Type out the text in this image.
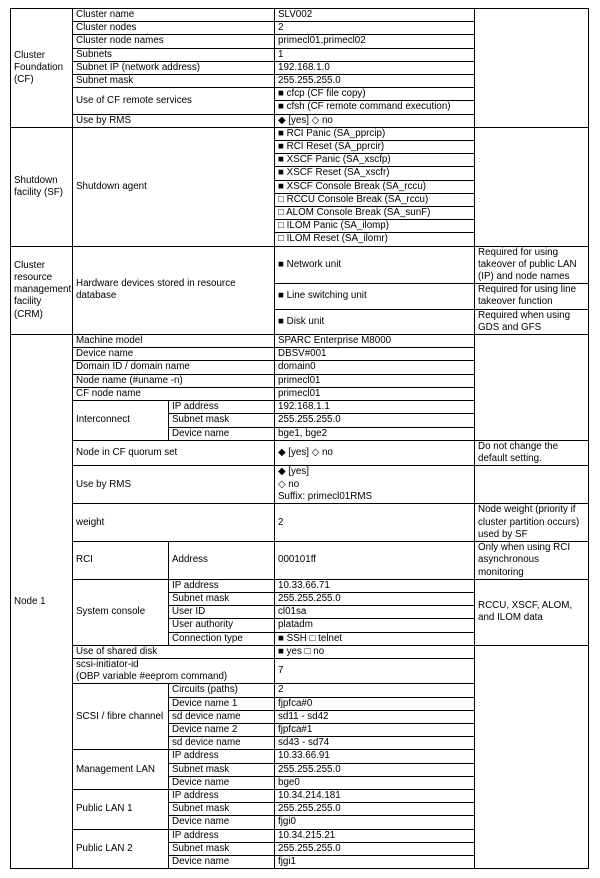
Cluster Foundation (CF)	Cluster name		SLV002	
	Cluster nodes		2	
	Cluster node names		primecl01,primecl02	
	Subnets		1	
	Subnet IP (network address)		192.168.1.0	
	Subnet mask		255.255.255.0	
	Use of CF remote services		■ cfcp (CF file copy)	
			■ cfsh (CF remote command execution)	
	Use by RMS		◆ [yes] ◇ no	
Shutdown facility (SF)	Shutdown agent		■ RCI Panic (SA_pprcip)	
			■ RCI Reset (SA_pprcir)	
			■ XSCF Panic (SA_xscfp)	
			■ XSCF Reset (SA_xscfr)	
			■ XSCF Console Break (SA_rccu)	
			□ RCCU Console Break (SA_rccu)	
			□ ALOM Console Break (SA_sunF)	
			□ ILOM Panic (SA_ilomp)	
			□ ILOM Reset (SA_ilomr)	
Cluster resource management facility (CRM)	Hardware devices stored in resource database		■ Network unit	Required for using takeover of public LAN (IP) and node names
			■ Line switching unit	Required for using line takeover function
			■ Disk unit	Required when using GDS and GFS
Node 1	Machine model		SPARC Enterprise M8000	
	Device name		DBSV#001	
	Domain ID / domain name		domain0	
	Node name (#uname -n)		primecl01	
	CF node name		primecl01	
	Interconnect	IP address	192.168.1.1	
		Subnet mask	255.255.255.0	
		Device name	bge1, bge2	
	Node in CF quorum set		◆ [yes] ◇ no	Do not change the default setting.
	Use by RMS		◆ [yes]
◇ no
Suffix: primecl01RMS	

	weight		2	Node weight (priority if cluster partition occurs) used by SF
	RCI	Address	000101ff	Only when using RCI asynchronous monitoring
	System console	IP address	10.33.66.71	RCCU, XSCF, ALOM, and ILOM data
		Subnet mask	255.255.255.0	
		User ID	cl01sa	
		User authority	platadm	
		Connection type	■ SSH □ telnet	
	Use of shared disk		■ yes □ no	

	scsi-initiator-id
(OBP variable #eeprom command)		7	
	SCSI / fibre channel	Circuits (paths)	2	
		Device name 1	fjpfca#0	
		sd device name	sd11 - sd42	
		Device name 2	fjpfca#1	
		sd device name	sd43 - sd74	
	Management LAN	IP address	10.33.66.91	
		Subnet mask	255.255.255.0	
		Device name	bge0	
	Public LAN 1	IP address	10.34.214.181	
		Subnet mask	255.255.255.0	
		Device name	fjgi0	
	Public LAN 2	IP address	10.34.215.21	
		Subnet mask	255.255.255.0	
		Device name	fjgi1	
